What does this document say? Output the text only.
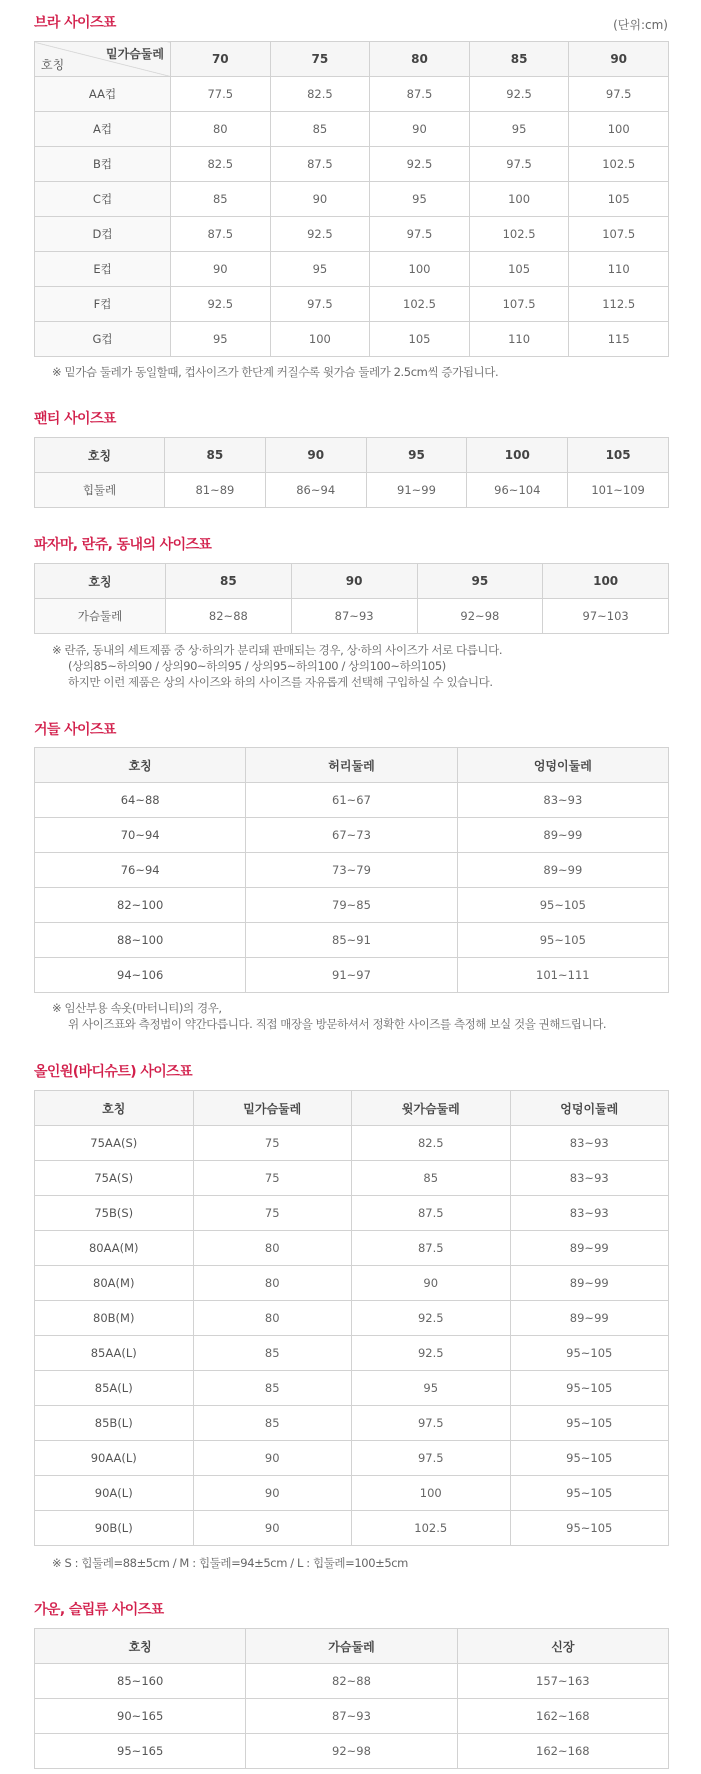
브라 사이즈표	(단위:cm)
밑가슴둘레
호칭	70	75	80	85	90
AA컵	77.5	82.5	87.5	92.5	97.5
A컵	80	85	90	95	100
B컵	82.5	87.5	92.5	97.5	102.5
C컵	85	90	95	100	105
D컵	87.5	92.5	97.5	102.5	107.5
E컵	90	95	100	105	110
F컵	92.5	97.5	102.5	107.5	112.5
G컵	95	100	105	110	115
※ 밑가슴 둘레가 동일할때, 컵사이즈가 한단계 커질수록 윗가슴 둘레가 2.5cm씩 증가됩니다.
팬티 사이즈표
호칭	85	90	95	100	105
힙둘레	81~89	86~94	91~99	96~104	101~109
파자마, 란쥬, 동내의 사이즈표
호칭	85	90	95	100
가슴둘레	82~88	87~93	92~98	97~103
※ 란쥬, 동내의 세트제품 중 상·하의가 분리돼 판매되는 경우, 상·하의 사이즈가 서로 다릅니다.
(상의85~하의90 / 상의90~하의95 / 상의95~하의100 / 상의100~하의105)
하지만 이런 제품은 상의 사이즈와 하의 사이즈를 자유롭게 선택해 구입하실 수 있습니다.
거들 사이즈표
호칭	허리둘레	엉덩이둘레
64~88	61~67	83~93
70~94	67~73	89~99
76~94	73~79	89~99
82~100	79~85	95~105
88~100	85~91	95~105
94~106	91~97	101~111
※ 임산부용 속옷(마터니티)의 경우,
위 사이즈표와 측정법이 약간다릅니다. 직접 매장을 방문하셔서 정확한 사이즈를 측정해 보실 것을 권해드립니다.
올인원(바디슈트) 사이즈표
호칭	밑가슴둘레	윗가슴둘레	엉덩이둘레
75AA(S)	75	82.5	83~93
75A(S)	75	85	83~93
75B(S)	75	87.5	83~93
80AA(M)	80	87.5	89~99
80A(M)	80	90	89~99
80B(M)	80	92.5	89~99
85AA(L)	85	92.5	95~105
85A(L)	85	95	95~105
85B(L)	85	97.5	95~105
90AA(L)	90	97.5	95~105
90A(L)	90	100	95~105
90B(L)	90	102.5	95~105
※ S : 힙둘레=88±5cm / M : 힙둘레=94±5cm / L : 힙둘레=100±5cm
가운, 슬립류 사이즈표
호칭	가슴둘레	신장
85~160	82~88	157~163
90~165	87~93	162~168
95~165	92~98	162~168
